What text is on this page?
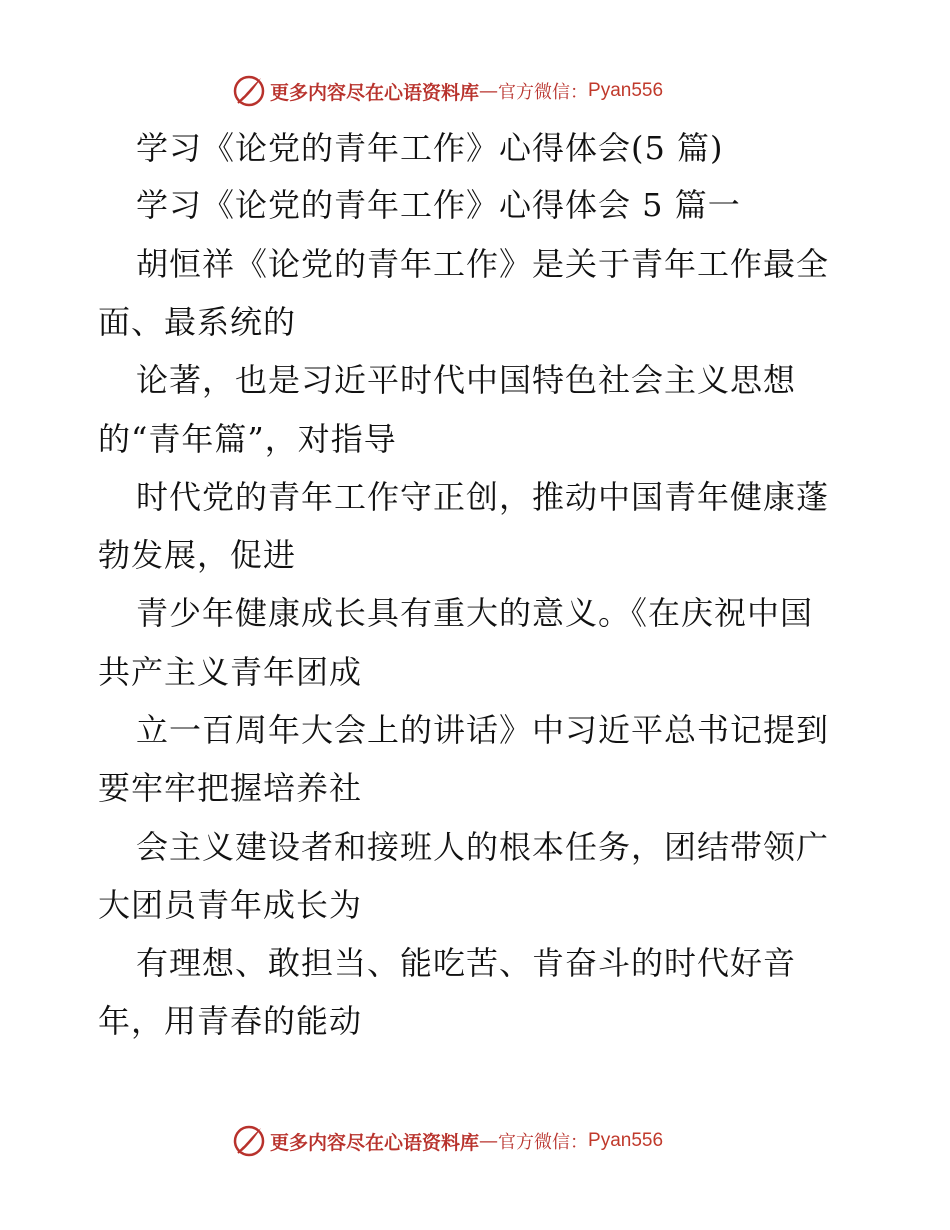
更多内容尽在心语资料库 — 官方微信： Pyan556
学习《论党的青年工作》心得体会(5 篇)
学习《论党的青年工作》心得体会 5 篇一
胡恒祥《论党的青年工作》是关于青年工作最全
面、最系统的
论著，也是习近平时代中国特色社会主义思想
的“青年篇”，对指导
时代党的青年工作守正创，推动中国青年健康蓬
勃发展，促进
青少年健康成长具有重大的意义。《在庆祝中国
共产主义青年团成
立一百周年大会上的讲话》中习近平总书记提到
要牢牢把握培养社
会主义建设者和接班人的根本任务，团结带领广
大团员青年成长为
有理想、敢担当、能吃苦、肯奋斗的时代好音
年，用青春的能动
更多内容尽在心语资料库 — 官方微信： Pyan556
